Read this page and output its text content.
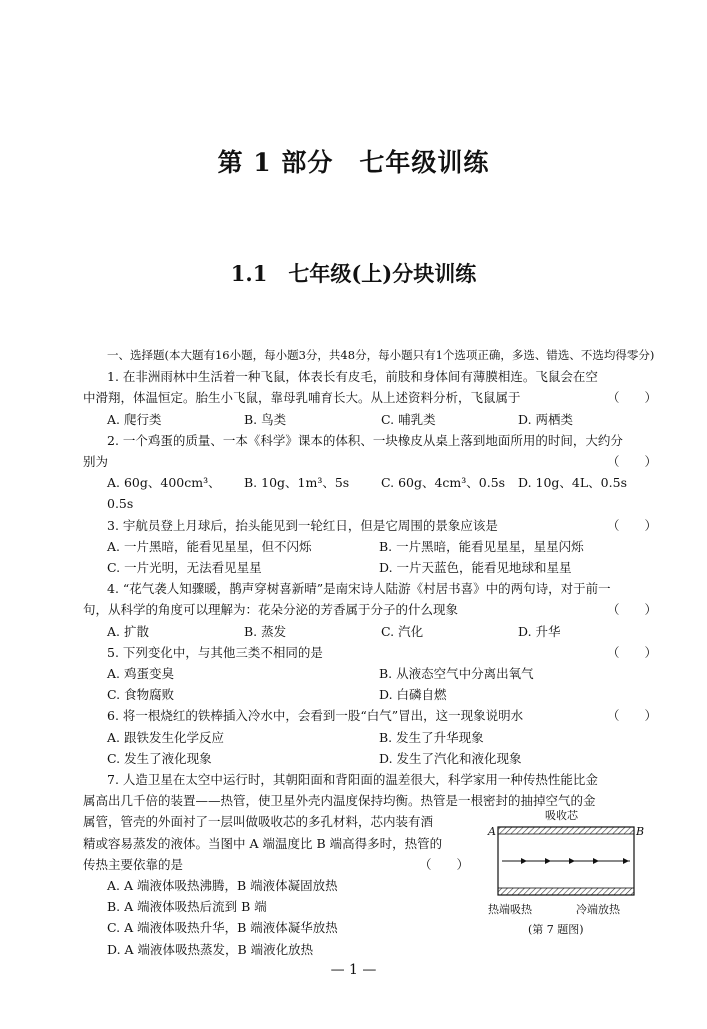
第 1 部分　七年级训练
1.1　七年级(上)分块训练

一、选择题(本大题有16小题，每小题3分，共48分，每小题只有1个选项正确，多选、错选、不选均得零分)

1. 在非洲雨林中生活着一种飞鼠，体表长有皮毛，前肢和身体间有薄膜相连。飞鼠会在空

中滑翔，体温恒定。胎生小飞鼠，靠母乳哺育长大。从上述资料分析，飞鼠属于	（　　）
A. 爬行类	B. 鸟类	C. 哺乳类	D. 两栖类

2. 一个鸡蛋的质量、一本《科学》课本的体积、一块橡皮从桌上落到地面所用的时间，大约分

别为	（　　）
A. 60g、400cm³、0.5s
B. 10g、1m³、5s	C. 60g、4cm³、0.5s	D. 10g、4L、0.5s
3. 宇航员登上月球后，抬头能见到一轮红日，但是它周围的景象应该是	（　　）
A. 一片黑暗，能看见星星，但不闪烁	B. 一片黑暗，能看见星星，星星闪烁
C. 一片光明，无法看见星星	D. 一片天蓝色，能看见地球和星星

4. “花气袭人知骤暖，鹊声穿树喜新晴”是南宋诗人陆游《村居书喜》中的两句诗，对于前一

句，从科学的角度可以理解为：花朵分泌的芳香属于分子的什么现象	（　　）
A. 扩散	B. 蒸发	C. 汽化	D. 升华
5. 下列变化中，与其他三类不相同的是	（　　）
A. 鸡蛋变臭	B. 从液态空气中分离出氧气
C. 食物腐败	D. 白磷自燃
6. 将一根烧红的铁棒插入冷水中，会看到一股“白气”冒出，这一现象说明水	（　　）
A. 跟铁发生化学反应	B. 发生了升华现象
C. 发生了液化现象	D. 发生了汽化和液化现象

7. 人造卫星在太空中运行时，其朝阳面和背阳面的温差很大，科学家用一种传热性能比金

属高出几千倍的装置——热管，使卫星外壳内温度保持均衡。热管是一根密封的抽掉空气的金

属管，管壳的外面衬了一层叫做吸收芯的多孔材料，芯内装有酒

精或容易蒸发的液体。当图中 A 端温度比 B 端高得多时，热管的

传热主要依靠的是	（　　）
A. A 端液体吸热沸腾，B 端液体凝固放热
B. A 端液体吸热后流到 B 端
C. A 端液体吸热升华，B 端液体凝华放热
D. A 端液体吸热蒸发，B 端液化放热
吸收芯
A	B
热端吸热	冷端放热
(第 7 题图)
— 1 —
